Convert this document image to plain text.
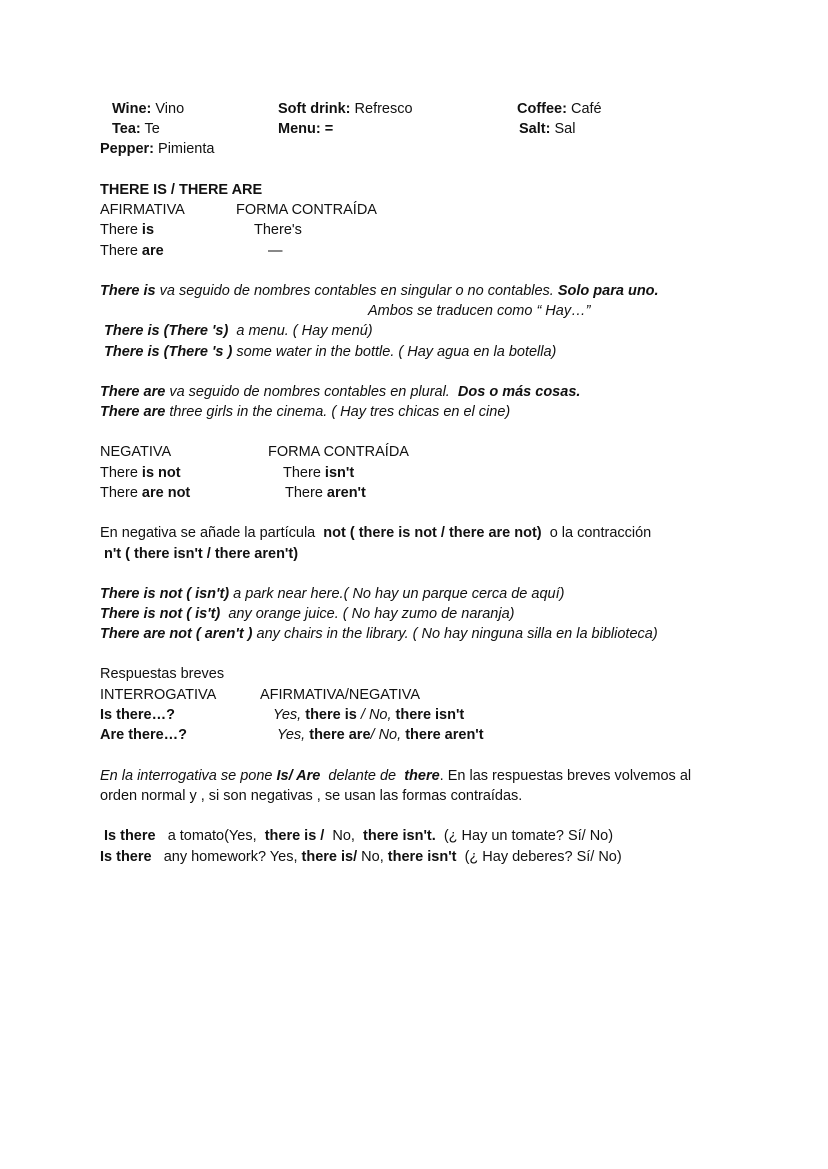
Wine: Vino	Soft drink: Refresco	Coffee: Café
Tea: Te	Menu: =	Salt: Sal
Pepper: Pimienta
THERE IS / THERE ARE
AFIRMATIVA	FORMA CONTRAÍDA
There is	There's
There are	—
There is va seguido de nombres contables en singular o no contables. Solo para uno.
Ambos se traducen como “ Hay…”
There is (There 's) a menu. ( Hay menú)
There is (There 's ) some water in the bottle. ( Hay agua en la botella)
There are va seguido de nombres contables en plural. Dos o más cosas.
There are three girls in the cinema. ( Hay tres chicas en el cine)
NEGATIVA	FORMA CONTRAÍDA
There is not	There isn't
There are not	There aren't
En negativa se añade la partícula not ( there is not / there are not) o la contracción
n't ( there isn't / there aren't)
There is not ( isn't) a park near here.( No hay un parque cerca de aquí)
There is not ( is't) any orange juice. ( No hay zumo de naranja)
There are not ( aren't ) any chairs in the library. ( No hay ninguna silla en la biblioteca)
Respuestas breves
INTERROGATIVA	AFIRMATIVA/NEGATIVA
Is there…?	Yes, there is / No, there isn't
Are there…?	Yes, there are/ No, there aren't
En la interrogativa se pone Is/ Are delante de there. En las respuestas breves volvemos al
orden normal y , si son negativas , se usan las formas contraídas.
Is there a tomato(Yes, there is / No, there isn't. (¿ Hay un tomate? Sí/ No)
Is there any homework? Yes, there is/ No, there isn't (¿ Hay deberes? Sí/ No)
